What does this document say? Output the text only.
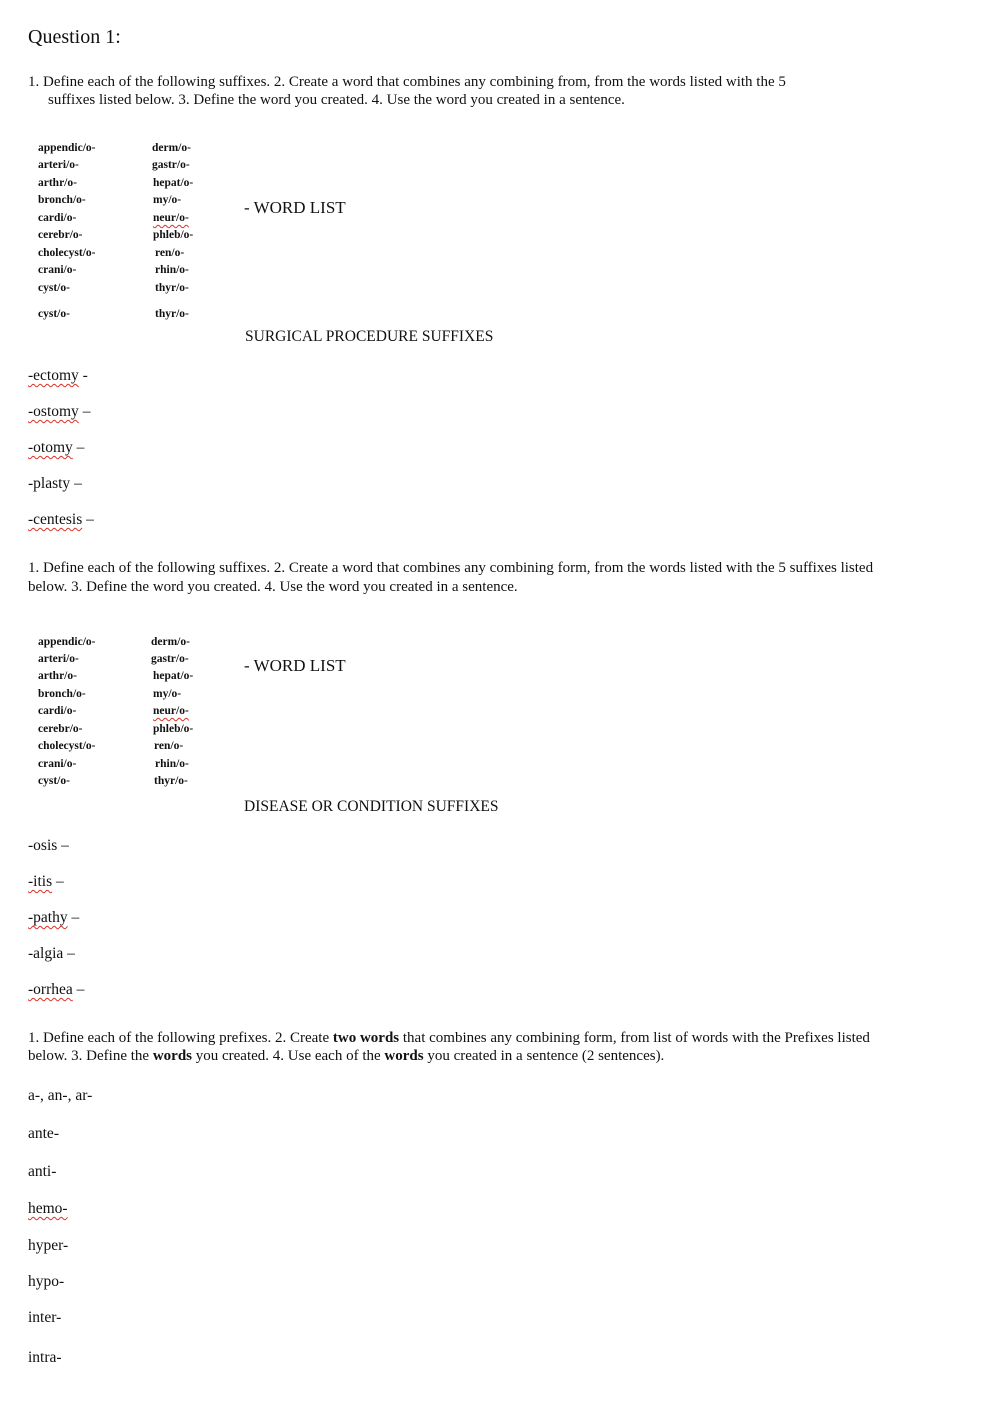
Question 1:
1. Define each of the following suffixes. 2. Create a word that combines any combining from, from the words listed with the 5
suffixes listed below. 3. Define the word you created. 4. Use the word you created in a sentence.
appendic/o-
arteri/o-
arthr/o-
bronch/o-
cardi/o-
cerebr/o-
cholecyst/o-
crani/o-
cyst/o-
cyst/o-
derm/o-
gastr/o-
hepat/o-
my/o-
neur/o-
phleb/o-
ren/o-
rhin/o-
thyr/o-
thyr/o-
- WORD LIST
SURGICAL PROCEDURE SUFFIXES
-ectomy -
-ostomy –
-otomy –
-plasty –
-centesis –
1. Define each of the following suffixes. 2. Create a word that combines any combining form, from the words listed with the 5 suffixes listed
below. 3. Define the word you created. 4. Use the word you created in a sentence.
appendic/o-
arteri/o-
arthr/o-
bronch/o-
cardi/o-
cerebr/o-
cholecyst/o-
crani/o-
cyst/o-
derm/o-
gastr/o-
hepat/o-
my/o-
neur/o-
phleb/o-
ren/o-
rhin/o-
thyr/o-
- WORD LIST
DISEASE OR CONDITION SUFFIXES
-osis –
-itis –
-pathy –
-algia –
-orrhea –
1. Define each of the following prefixes. 2. Create two words that combines any combining form, from list of words with the Prefixes listed
below. 3. Define the words you created. 4. Use each of the words you created in a sentence (2 sentences).
a-, an-, ar-
ante-
anti-
hemo-
hyper-
hypo-
inter-
intra-
